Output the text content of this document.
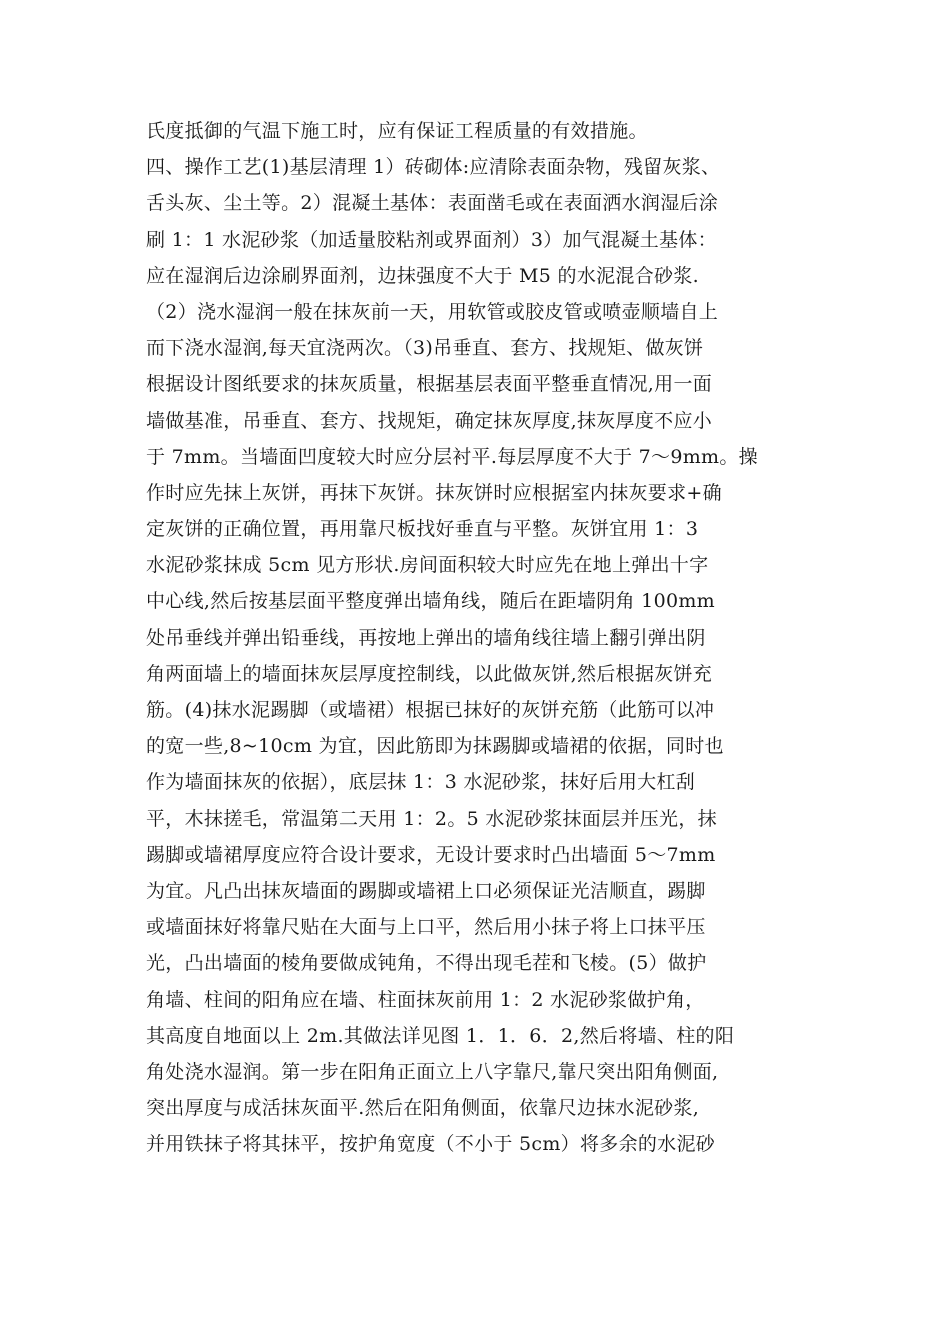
氏度抵御的气温下施工时，应有保证工程质量的有效措施。
四、操作工艺(1)基层清理 1）砖砌体:应清除表面杂物，残留灰浆、
舌头灰、尘土等。2）混凝土基体：表面凿毛或在表面洒水润湿后涂
刷 1：1 水泥砂浆（加适量胶粘剂或界面剂）3）加气混凝土基体：
应在湿润后边涂刷界面剂，边抹强度不大于 M5 的水泥混合砂浆.
（2）浇水湿润一般在抹灰前一天，用软管或胶皮管或喷壶顺墙自上
而下浇水湿润,每天宜浇两次。（3)吊垂直、套方、找规矩、做灰饼
根据设计图纸要求的抹灰质量，根据基层表面平整垂直情况,用一面
墙做基准，吊垂直、套方、找规矩，确定抹灰厚度,抹灰厚度不应小
于 7mm。当墙面凹度较大时应分层衬平.每层厚度不大于 7～9mm。操
作时应先抹上灰饼，再抹下灰饼。抹灰饼时应根据室内抹灰要求+确
定灰饼的正确位置，再用靠尺板找好垂直与平整。灰饼宜用 1：3
水泥砂浆抹成 5cm 见方形状.房间面积较大时应先在地上弹出十字
中心线,然后按基层面平整度弹出墙角线，随后在距墙阴角 100mm
处吊垂线并弹出铅垂线，再按地上弹出的墙角线往墙上翻引弹出阴
角两面墙上的墙面抹灰层厚度控制线，以此做灰饼,然后根据灰饼充
筋。(4)抹水泥踢脚（或墙裙）根据已抹好的灰饼充筋（此筋可以冲
的宽一些,8~10cm 为宜，因此筋即为抹踢脚或墙裙的依据，同时也
作为墙面抹灰的依据），底层抹 1：3 水泥砂浆，抹好后用大杠刮
平，木抹搓毛，常温第二天用 1：2。5 水泥砂浆抹面层并压光，抹
踢脚或墙裙厚度应符合设计要求，无设计要求时凸出墙面 5～7mm
为宜。凡凸出抹灰墙面的踢脚或墙裙上口必须保证光洁顺直，踢脚
或墙面抹好将靠尺贴在大面与上口平，然后用小抹子将上口抹平压
光，凸出墙面的棱角要做成钝角，不得出现毛茬和飞棱。(5）做护
角墙、柱间的阳角应在墙、柱面抹灰前用 1：2 水泥砂浆做护角，
其高度自地面以上 2m.其做法详见图 1．1．6．2,然后将墙、柱的阳
角处浇水湿润。第一步在阳角正面立上八字靠尺,靠尺突出阳角侧面,
突出厚度与成活抹灰面平.然后在阳角侧面，依靠尺边抹水泥砂浆,
并用铁抹子将其抹平，按护角宽度（不小于 5cm）将多余的水泥砂
